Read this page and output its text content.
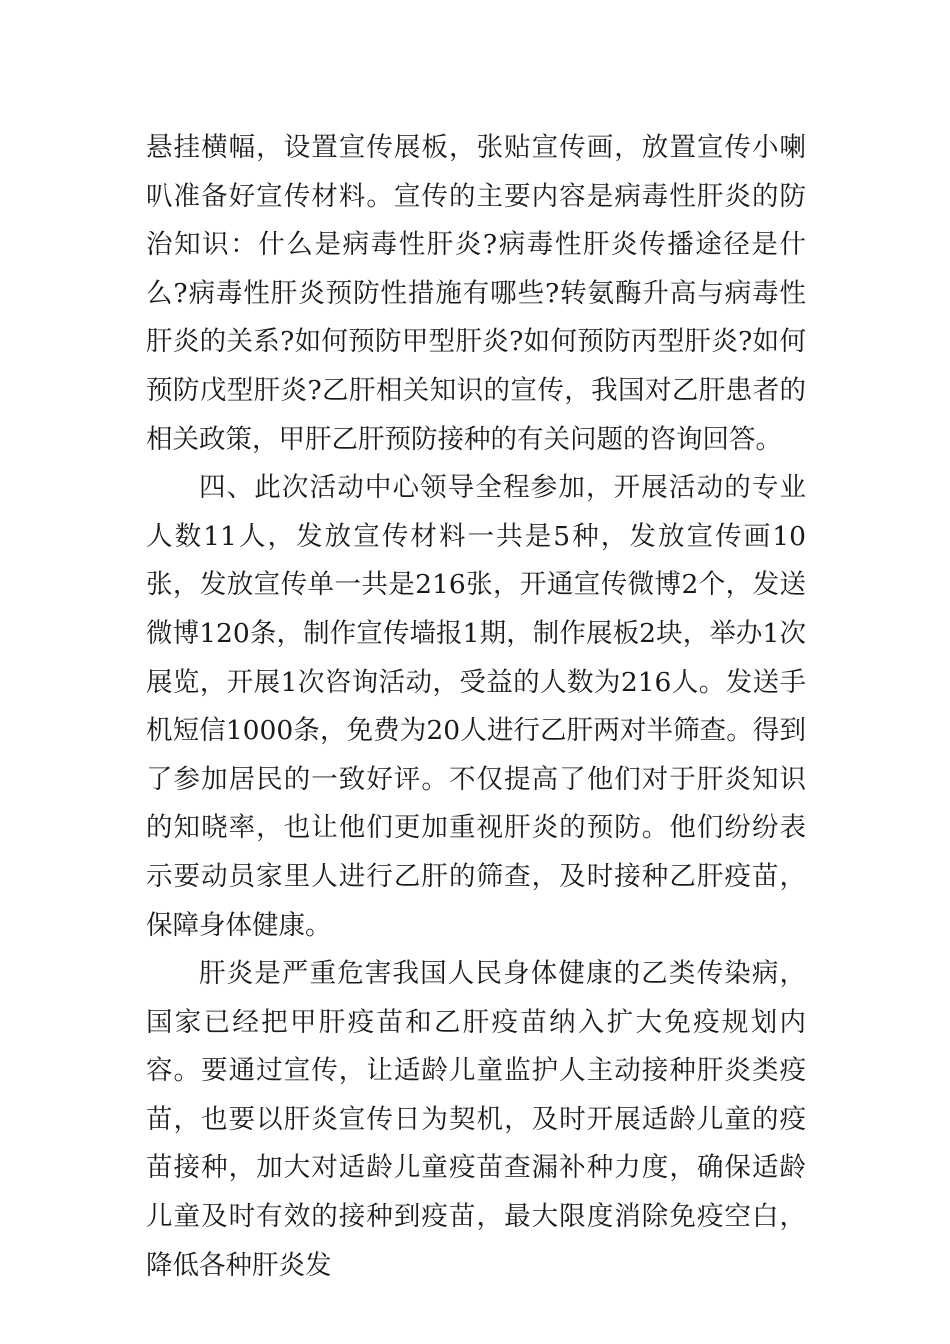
悬挂横幅，设置宣传展板，张贴宣传画，放置宣传小喇叭准备好宣传材料。宣传的主要内容是病毒性肝炎的防治知识：什么是病毒性肝炎?病毒性肝炎传播途径是什么?病毒性肝炎预防性措施有哪些?转氨酶升高与病毒性肝炎的关系?如何预防甲型肝炎?如何预防丙型肝炎?如何预防戊型肝炎?乙肝相关知识的宣传，我国对乙肝患者的相关政策，甲肝乙肝预防接种的有关问题的咨询回答。

四、此次活动中心领导全程参加，开展活动的专业人数11人，发放宣传材料一共是5种，发放宣传画10张，发放宣传单一共是216张，开通宣传微博2个，发送微博120条，制作宣传墙报1期，制作展板2块，举办1次展览，开展1次咨询活动，受益的人数为216人。发送手机短信1000条，免费为20人进行乙肝两对半筛查。得到了参加居民的一致好评。不仅提高了他们对于肝炎知识的知晓率，也让他们更加重视肝炎的预防。他们纷纷表示要动员家里人进行乙肝的筛查，及时接种乙肝疫苗，保障身体健康。

肝炎是严重危害我国人民身体健康的乙类传染病，国家已经把甲肝疫苗和乙肝疫苗纳入扩大免疫规划内容。要通过宣传，让适龄儿童监护人主动接种肝炎类疫苗，也要以肝炎宣传日为契机，及时开展适龄儿童的疫苗接种，加大对适龄儿童疫苗查漏补种力度，确保适龄儿童及时有效的接种到疫苗，最大限度消除免疫空白，降低各种肝炎发
